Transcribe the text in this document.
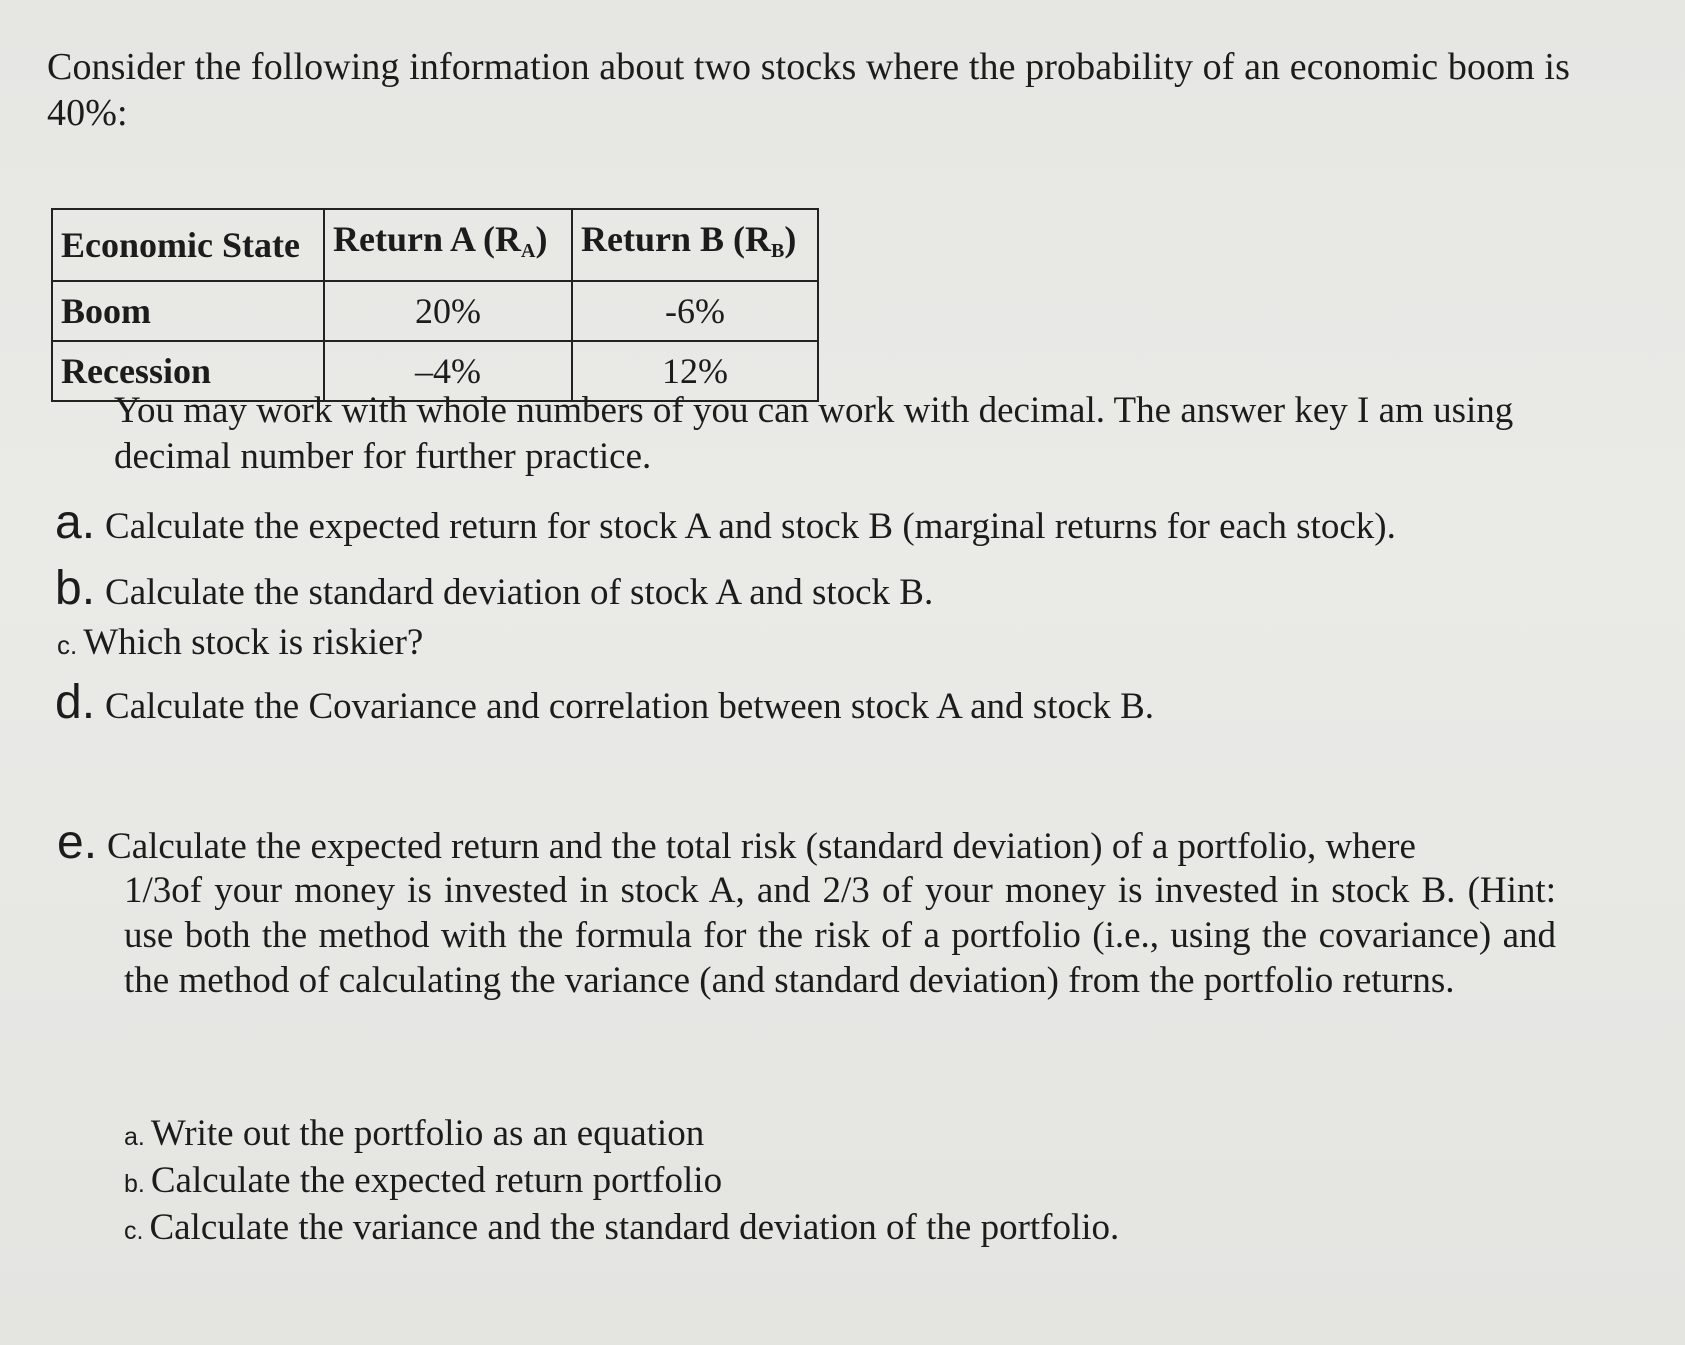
Consider the following information about two stocks where the probability of an economic boom is 40%:
Economic State	Return A $(R_A)$	Return B $(R_B)$
Boom	20%	-6%
Recession	–4%	12%
You may work with whole numbers of you can work with decimal. The answer key I am using decimal number for further practice.
a. Calculate the expected return for stock A and stock B (marginal returns for each stock).
b. Calculate the standard deviation of stock A and stock B.
c. Which stock is riskier?
d. Calculate the Covariance and correlation between stock A and stock B.
e. Calculate the expected return and the total risk (standard deviation) of a portfolio, where
1/3of your money is invested in stock A, and 2/3 of your money is invested in stock B. (Hint: use both the method with the formula for the risk of a portfolio (i.e., using the covariance) and the method of calculating the variance (and standard deviation) from the portfolio returns.
a. Write out the portfolio as an equation
b. Calculate the expected return portfolio
c. Calculate the variance and the standard deviation of the portfolio.
